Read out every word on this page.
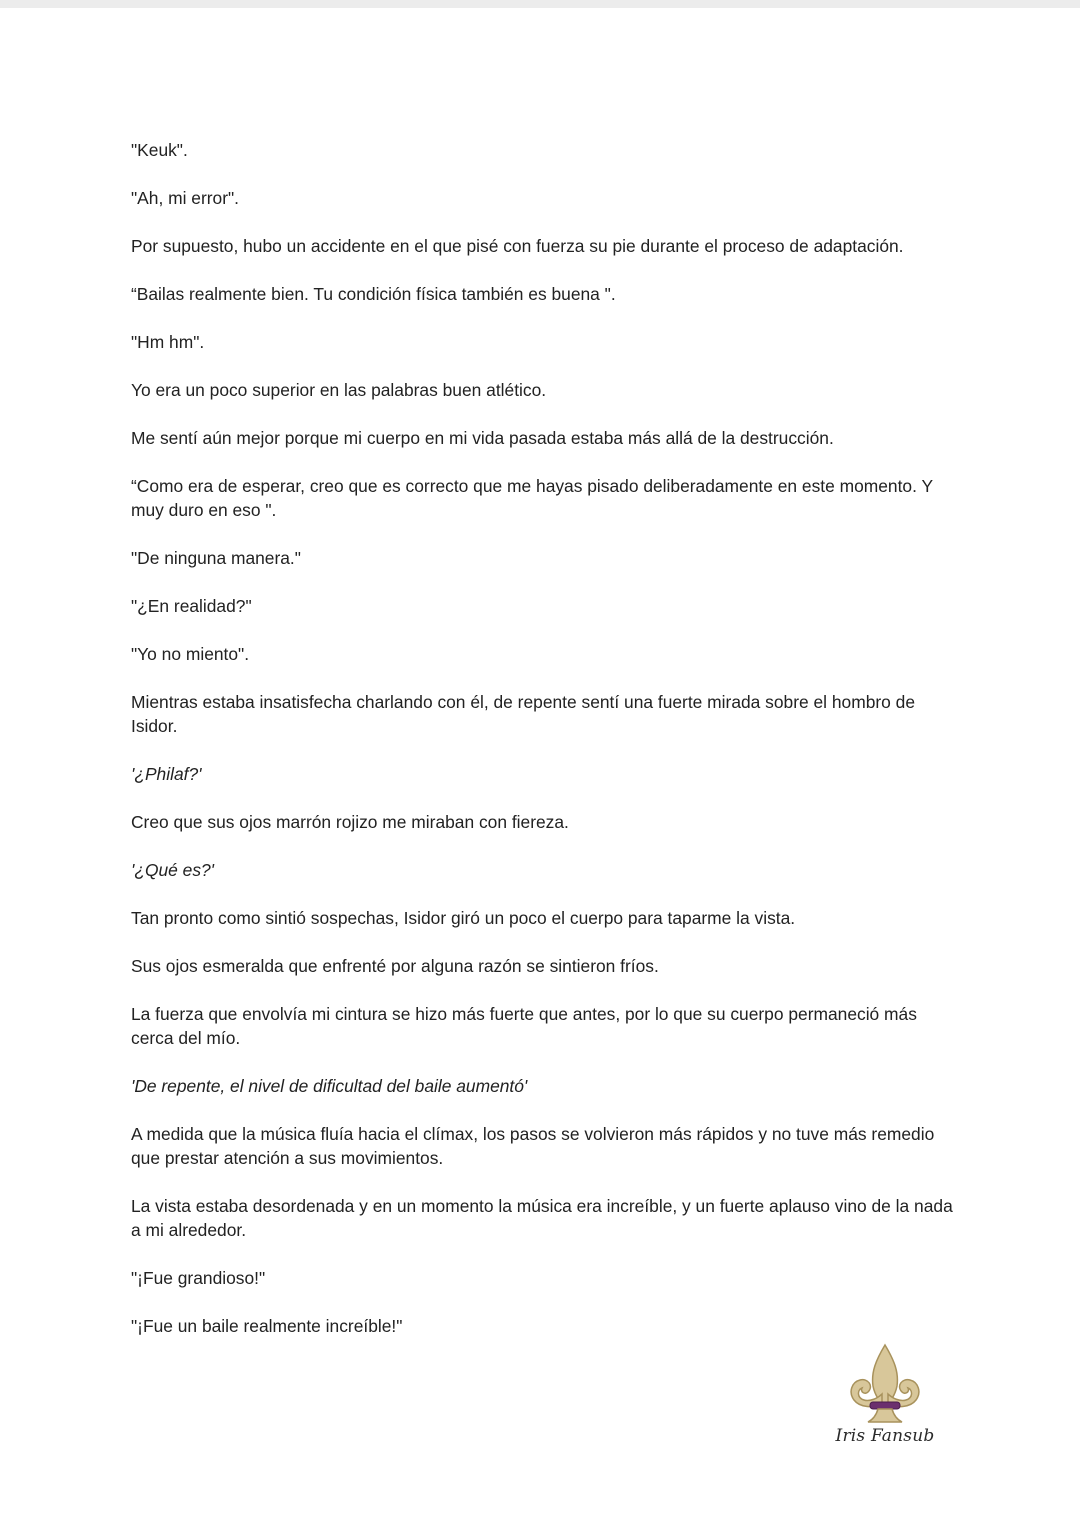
"Keuk".

"Ah, mi error".

Por supuesto, hubo un accidente en el que pisé con fuerza su pie durante el proceso de adaptación.

“Bailas realmente bien. Tu condición física también es buena ".

"Hm hm".

Yo era un poco superior en las palabras buen atlético.

Me sentí aún mejor porque mi cuerpo en mi vida pasada estaba más allá de la destrucción.

“Como era de esperar, creo que es correcto que me hayas pisado deliberadamente en este momento. Y muy duro en eso ".

"De ninguna manera."

"¿En realidad?"

"Yo no miento".

Mientras estaba insatisfecha charlando con él, de repente sentí una fuerte mirada sobre el hombro de Isidor.

'¿Philaf?'

Creo que sus ojos marrón rojizo me miraban con fiereza.

'¿Qué es?'

Tan pronto como sintió sospechas, Isidor giró un poco el cuerpo para taparme la vista.

Sus ojos esmeralda que enfrenté por alguna razón se sintieron fríos.

La fuerza que envolvía mi cintura se hizo más fuerte que antes, por lo que su cuerpo permaneció más cerca del mío.

'De repente, el nivel de dificultad del baile aumentó'

A medida que la música fluía hacia el clímax, los pasos se volvieron más rápidos y no tuve más remedio que prestar atención a sus movimientos.

La vista estaba desordenada y en un momento la música era increíble, y un fuerte aplauso vino de la nada a mi alrededor.

"¡Fue grandioso!"

"¡Fue un baile realmente increíble!"

Iris Fansub
